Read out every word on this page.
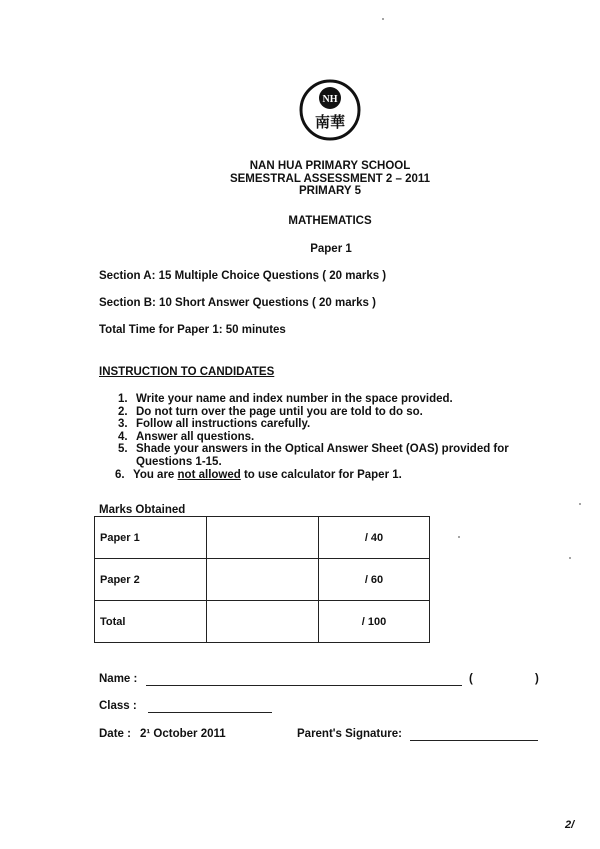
NH
南華
NAN HUA PRIMARY SCHOOL
SEMESTRAL ASSESSMENT 2 – 2011
PRIMARY 5
MATHEMATICS
Paper 1
Section A: 15 Multiple Choice Questions ( 20 marks )
Section B: 10 Short Answer Questions ( 20 marks )
Total Time for Paper 1: 50 minutes
INSTRUCTION TO CANDIDATES
1. Write your name and index number in the space provided.
2. Do not turn over the page until you are told to do so.
3. Follow all instructions carefully.
4. Answer all questions.
5. Shade your answers in the Optical Answer Sheet (OAS) provided for Questions 1-15.
6. You are not allowed to use calculator for Paper 1.
Marks Obtained
Paper 1		/ 40
Paper 2		/ 60
Total		/ 100
Name :	(	)
Class :
Date : 2¹ October 2011	Parent's Signature:
2/
